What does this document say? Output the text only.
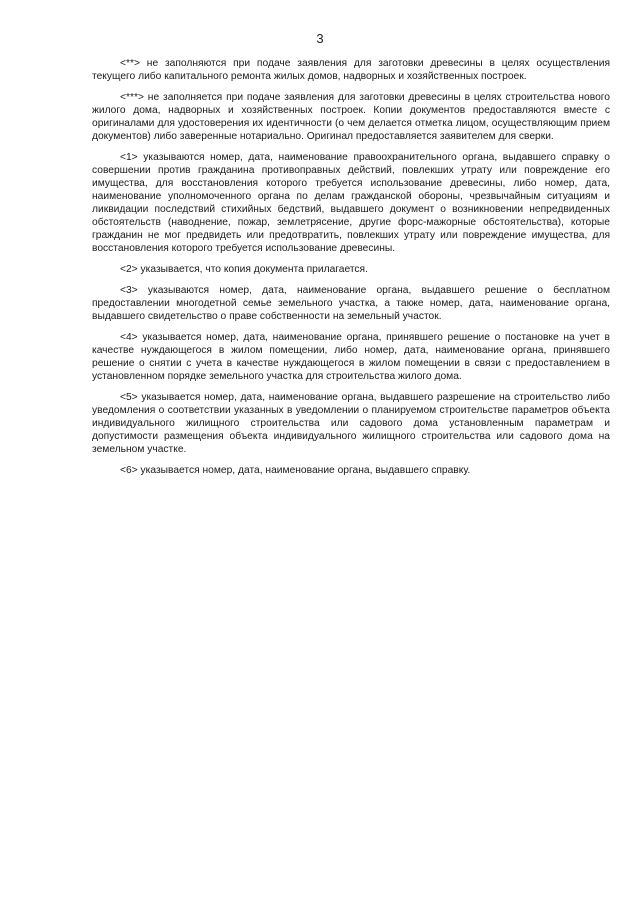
3

<**> не заполняются при подаче заявления для заготовки древесины в целях осуществления текущего либо капитального ремонта жилых домов, надворных и хозяйственных построек.

<***> не заполняется при подаче заявления для заготовки древесины в целях строительства нового жилого дома, надворных и хозяйственных построек. Копии документов предоставляются вместе с оригиналами для удостоверения их идентичности (о чем делается отметка лицом, осуществляющим прием документов) либо заверенные нотариально. Оригинал предоставляется заявителем для сверки.

<1> указываются номер, дата, наименование правоохранительного органа, выдавшего справку о совершении против гражданина противоправных действий, повлекших утрату или повреждение его имущества, для восстановления которого требуется использование древесины, либо номер, дата, наименование уполномоченного органа по делам гражданской обороны, чрезвычайным ситуациям и ликвидации последствий стихийных бедствий, выдавшего документ о возникновении непредвиденных обстоятельств (наводнение, пожар, землетрясение, другие форс-мажорные обстоятельства), которые гражданин не мог предвидеть или предотвратить, повлекших утрату или повреждение имущества, для восстановления которого требуется использование древесины.

<2> указывается, что копия документа прилагается.

<3> указываются номер, дата, наименование органа, выдавшего решение о бесплатном предоставлении многодетной семье земельного участка, а также номер, дата, наименование органа, выдавшего свидетельство о праве собственности на земельный участок.

<4> указывается номер, дата, наименование органа, принявшего решение о постановке на учет в качестве нуждающегося в жилом помещении, либо номер, дата, наименование органа, принявшего решение о снятии с учета в качестве нуждающегося в жилом помещении в связи с предоставлением в установленном порядке земельного участка для строительства жилого дома.

<5> указывается номер, дата, наименование органа, выдавшего разрешение на строительство либо уведомления о соответствии указанных в уведомлении о планируемом строительстве параметров объекта индивидуального жилищного строительства или садового дома установленным параметрам и допустимости размещения объекта индивидуального жилищного строительства или садового дома на земельном участке.

<6> указывается номер, дата, наименование органа, выдавшего справку.
